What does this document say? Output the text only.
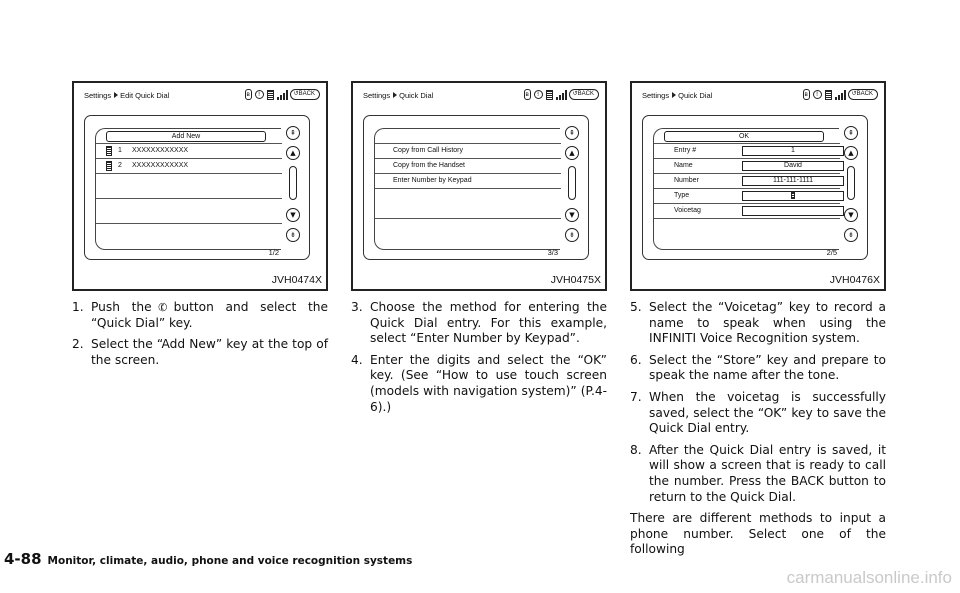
Settings Edit Quick Dial	ʙ	!	↺BACK
Add New
1 XXXXXXXXXXXX
2 XXXXXXXXXXXX
⇞
▲
▼
⇟
1/2
JVH0474X
Settings Quick Dial	ʙ	!	↺BACK
Copy from Call History
Copy from the Handset
Enter Number by Keypad
⇞
▲
▼
⇟
3/3
JVH0475X
Settings Quick Dial	ʙ	!	↺BACK
OK
Entry #	1
Name	David
Number	111-111-1111
Type
Voicetag
⇞
▲
▼
⇟
2/5
JVH0476X
1. Push the ✆ button and select the “Quick Dial” key.
2. Select the “Add New” key at the top of the screen.
3. Choose the method for entering the Quick Dial entry. For this example, select “Enter Number by Keypad”.
4. Enter the digits and select the “OK” key. (See “How to use touch screen (models with navigation system)” (P.4-6).)
5. Select the “Voicetag” key to record a name to speak when using the INFINITI Voice Recognition system.
6. Select the “Store” key and prepare to speak the name after the tone.
7. When the voicetag is successfully saved, select the “OK” key to save the Quick Dial entry.
8. After the Quick Dial entry is saved, it will show a screen that is ready to call the number. Press the BACK button to return to the Quick Dial.
There are different methods to input a phone number. Select one of the following
4-88 Monitor, climate, audio, phone and voice recognition systems
carmanualsonline.info
